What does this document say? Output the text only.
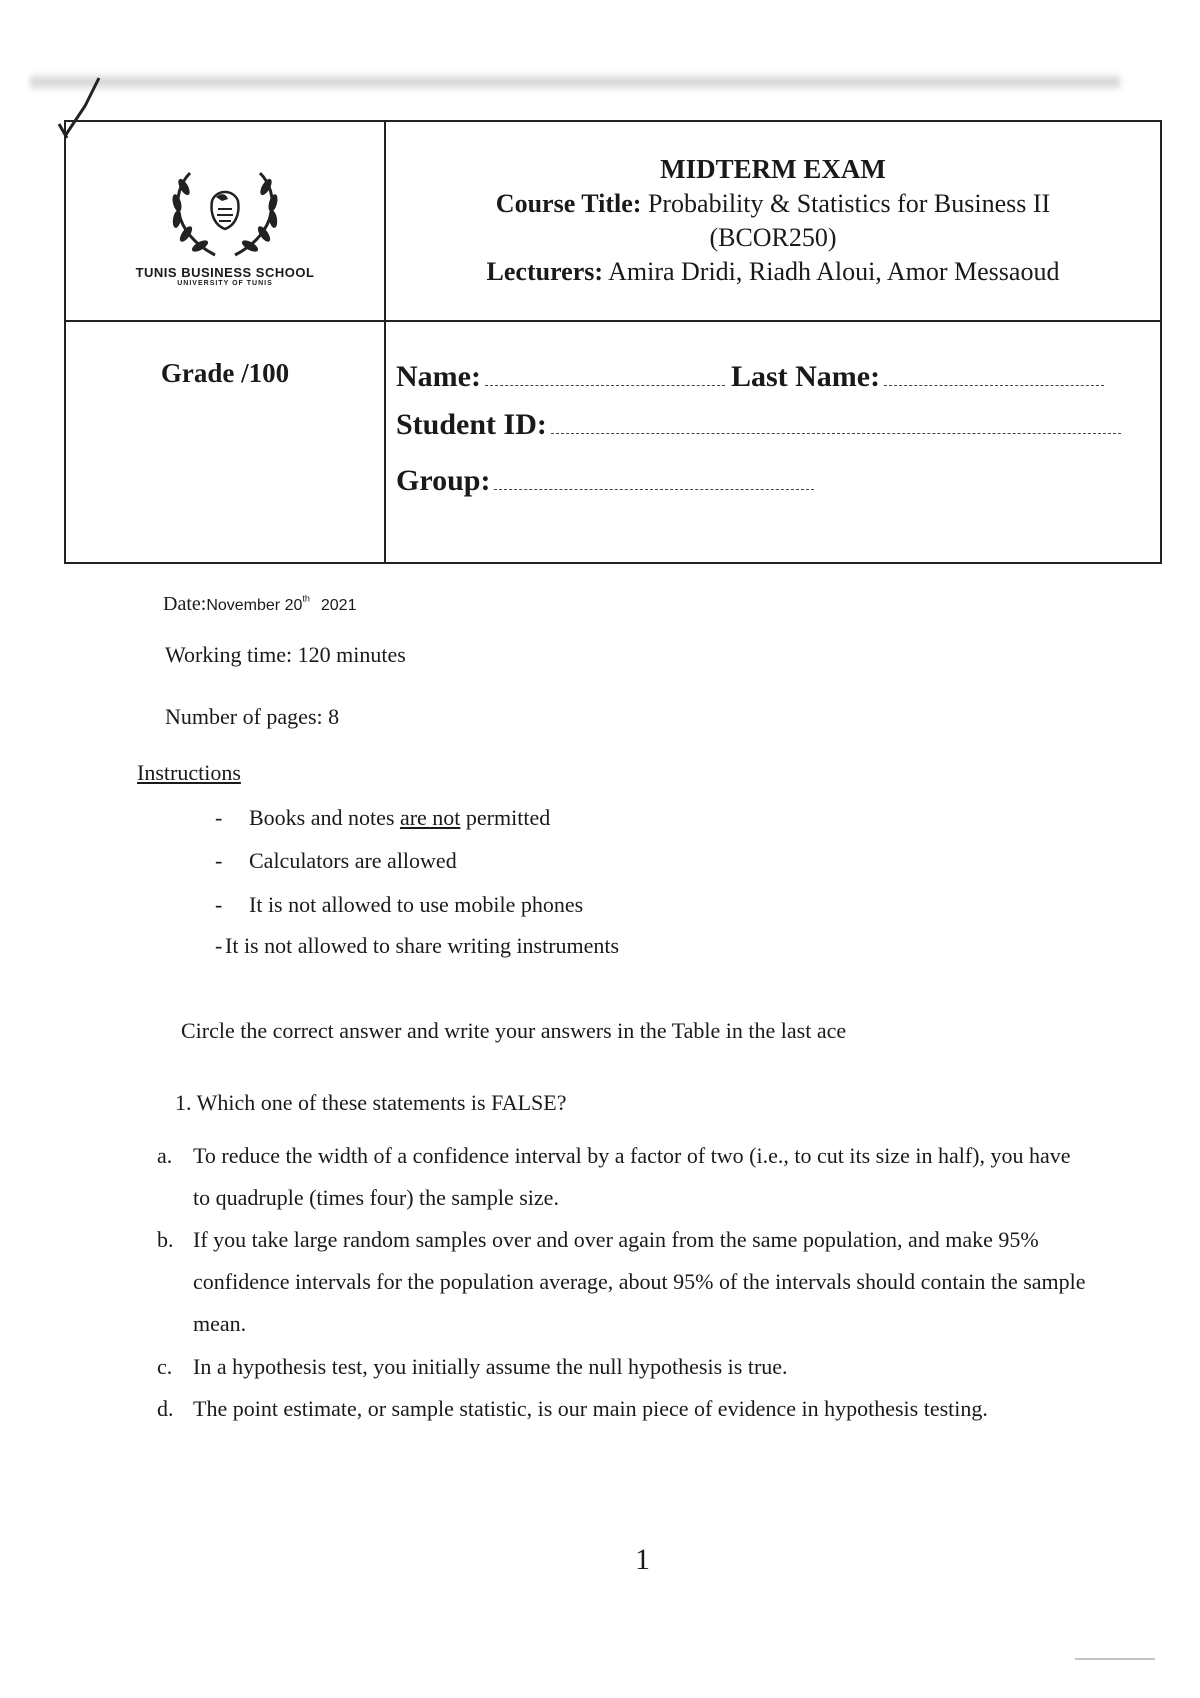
TUNIS BUSINESS SCHOOL
UNIVERSITY OF TUNIS
MIDTERM EXAM
Course Title: Probability & Statistics for Business II
(BCOR250)
Lecturers: Amira Dridi, Riadh Aloui, Amor Messaoud
Grade /100	Name:	Last Name:
Student ID:
Group:
Date:November 20th 2021
Working time: 120 minutes
Number of pages: 8
Instructions
-	Books and notes are not permitted
-	Calculators are allowed
-	It is not allowed to use mobile phones
- It is not allowed to share writing instruments
Circle the correct answer and write your answers in the Table in the last ace
1. Which one of these statements is FALSE?
a. To reduce the width of a confidence interval by a factor of two (i.e., to cut its size in half), you have to quadruple (times four) the sample size.
b. If you take large random samples over and over again from the same population, and make 95% confidence intervals for the population average, about 95% of the intervals should contain the sample mean.
c. In a hypothesis test, you initially assume the null hypothesis is true.
d. The point estimate, or sample statistic, is our main piece of evidence in hypothesis testing.
1
